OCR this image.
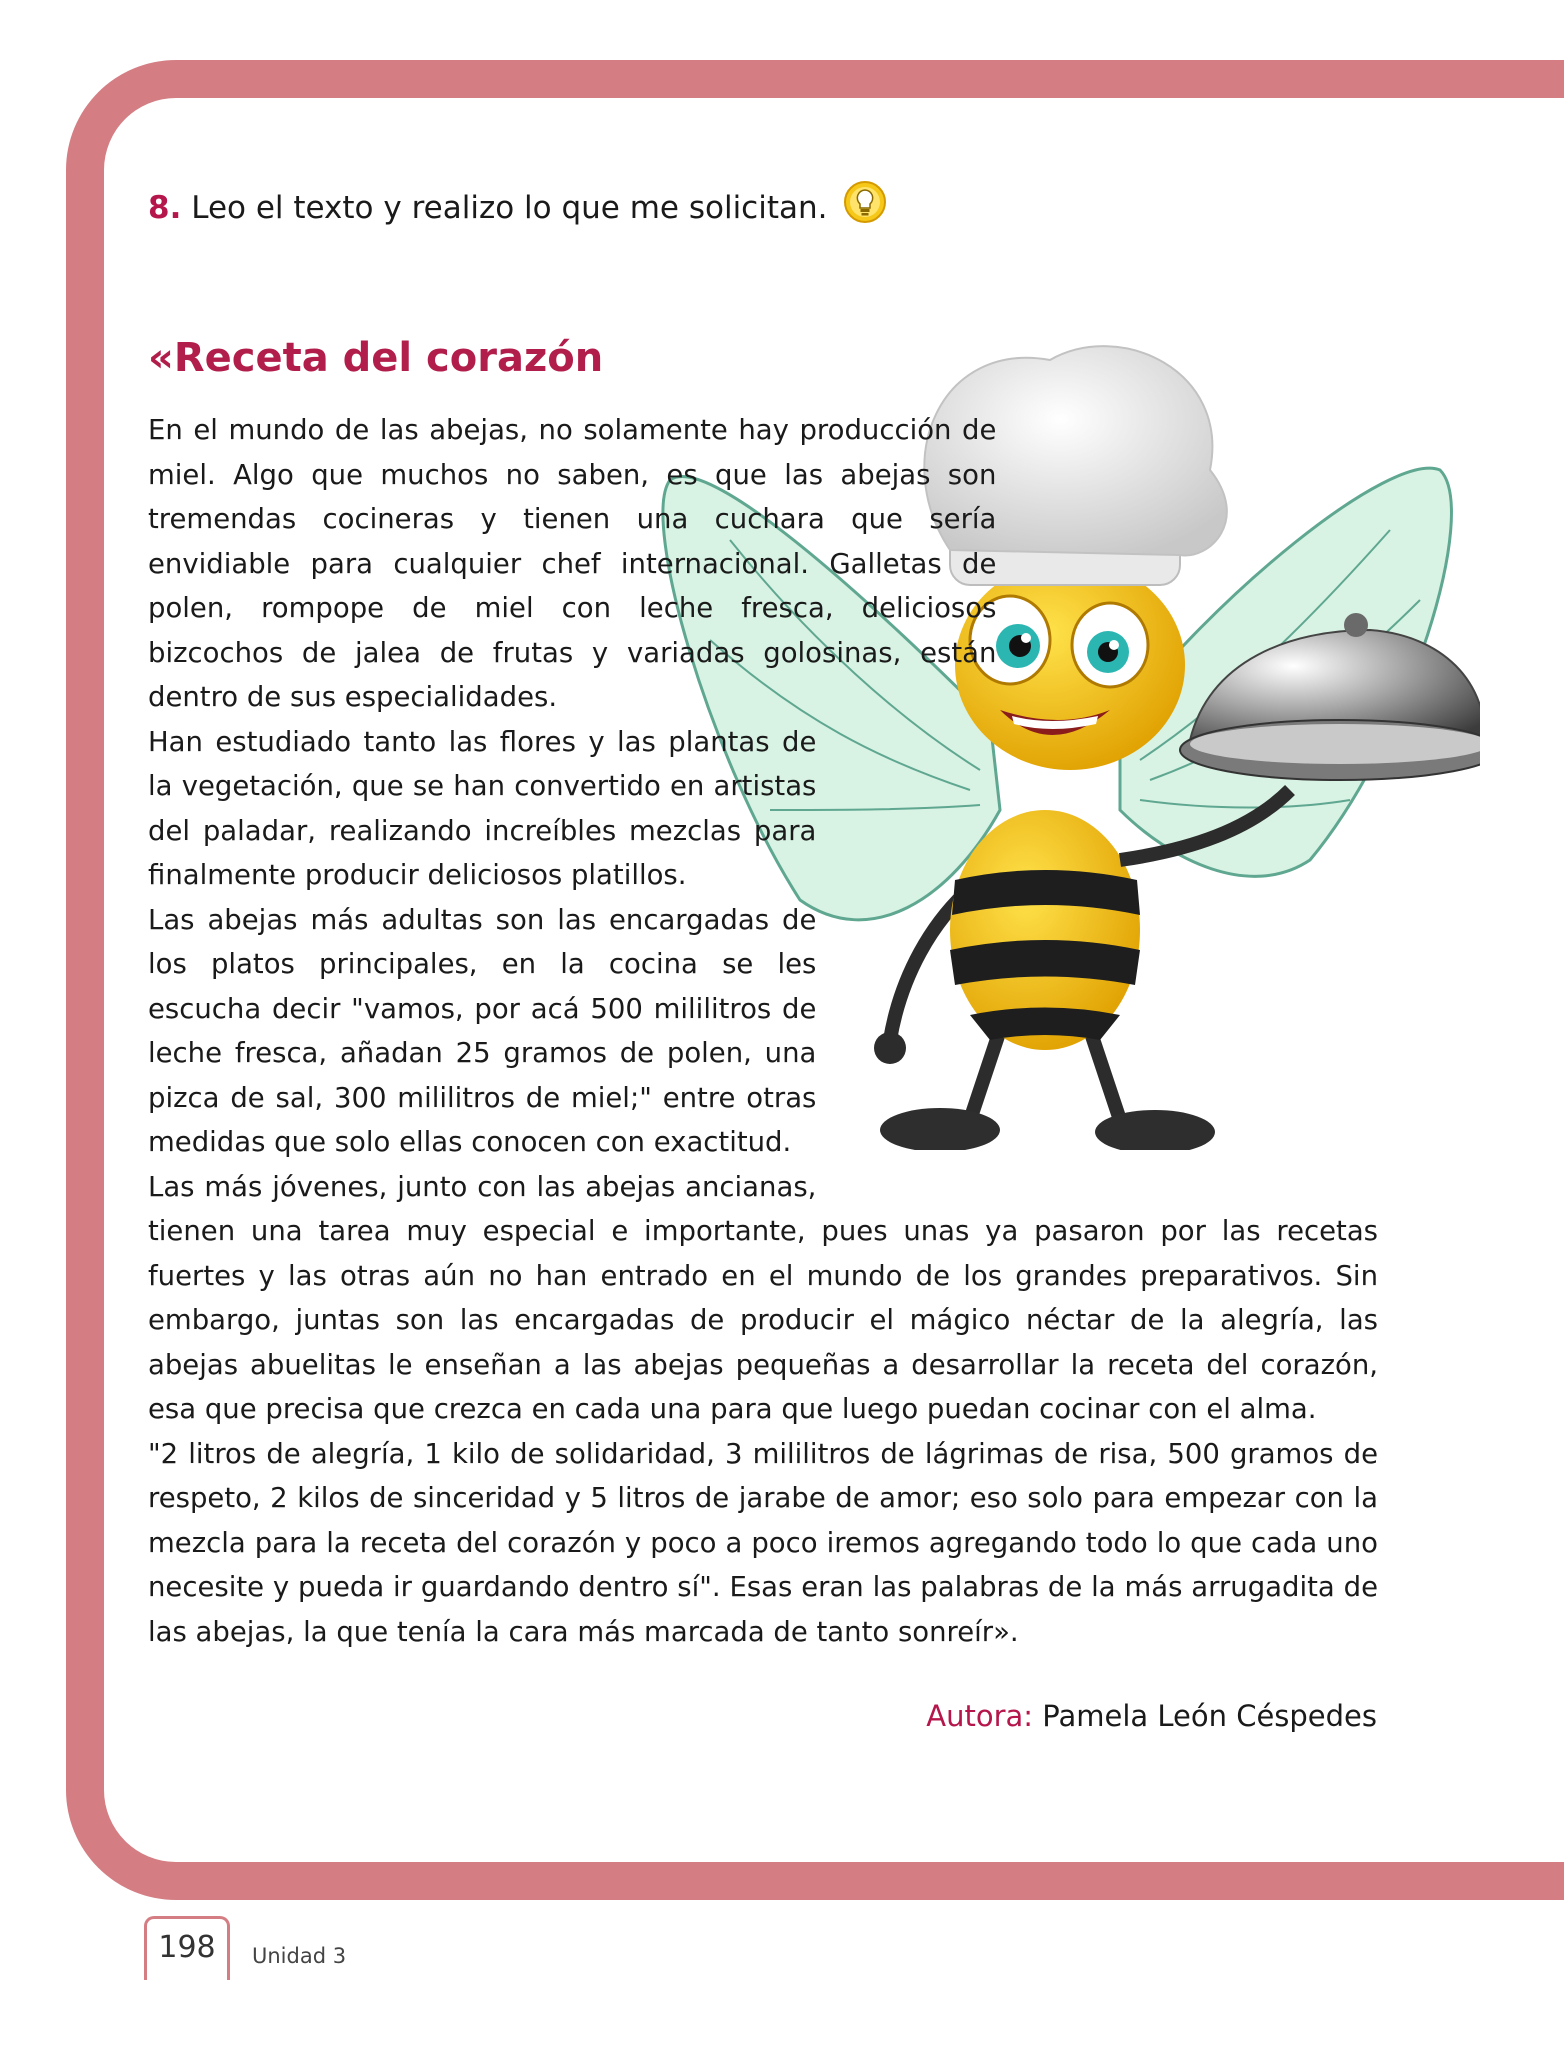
8. Leo el texto y realizo lo que me solicitan.
«Receta del corazón

En el mundo de las abejas, no solamente hay producción de miel. Algo que muchos no saben, es que las abejas son tremendas cocineras y tienen una cuchara que sería envidiable para cualquier chef internacional. Galletas de polen, rompope de miel con leche fresca, deliciosos bizcochos de jalea de frutas y variadas golosinas, están dentro de sus especialidades.

Han estudiado tanto las flores y las plantas de la vegetación, que se han convertido en artistas del paladar, realizando increíbles mezclas para finalmente producir deliciosos platillos.

Las abejas más adultas son las encargadas de los platos principales, en la cocina se les escucha decir "vamos, por acá 500 mililitros de leche fresca, añadan 25 gramos de polen, una pizca de sal, 300 mililitros de miel;" entre otras medidas que solo ellas conocen con exactitud.

Las más jóvenes, junto con las abejas ancianas, tienen una tarea muy especial e importante, pues unas ya pasaron por las recetas fuertes y las otras aún no han entrado en el mundo de los grandes preparativos. Sin embargo, juntas son las encargadas de producir el mágico néctar de la alegría, las abejas abuelitas le enseñan a las abejas pequeñas a desarrollar la receta del corazón, esa que precisa que crezca en cada una para que luego puedan cocinar con el alma.

"2 litros de alegría, 1 kilo de solidaridad, 3 mililitros de lágrimas de risa, 500 gramos de respeto, 2 kilos de sinceridad y 5 litros de jarabe de amor; eso solo para empezar con la mezcla para la receta del corazón y poco a poco iremos agregando todo lo que cada uno necesite y pueda ir guardando dentro sí". Esas eran las palabras de la más arrugadita de las abejas, la que tenía la cara más marcada de tanto sonreír».

Autora: Pamela León Céspedes
198	Unidad 3
